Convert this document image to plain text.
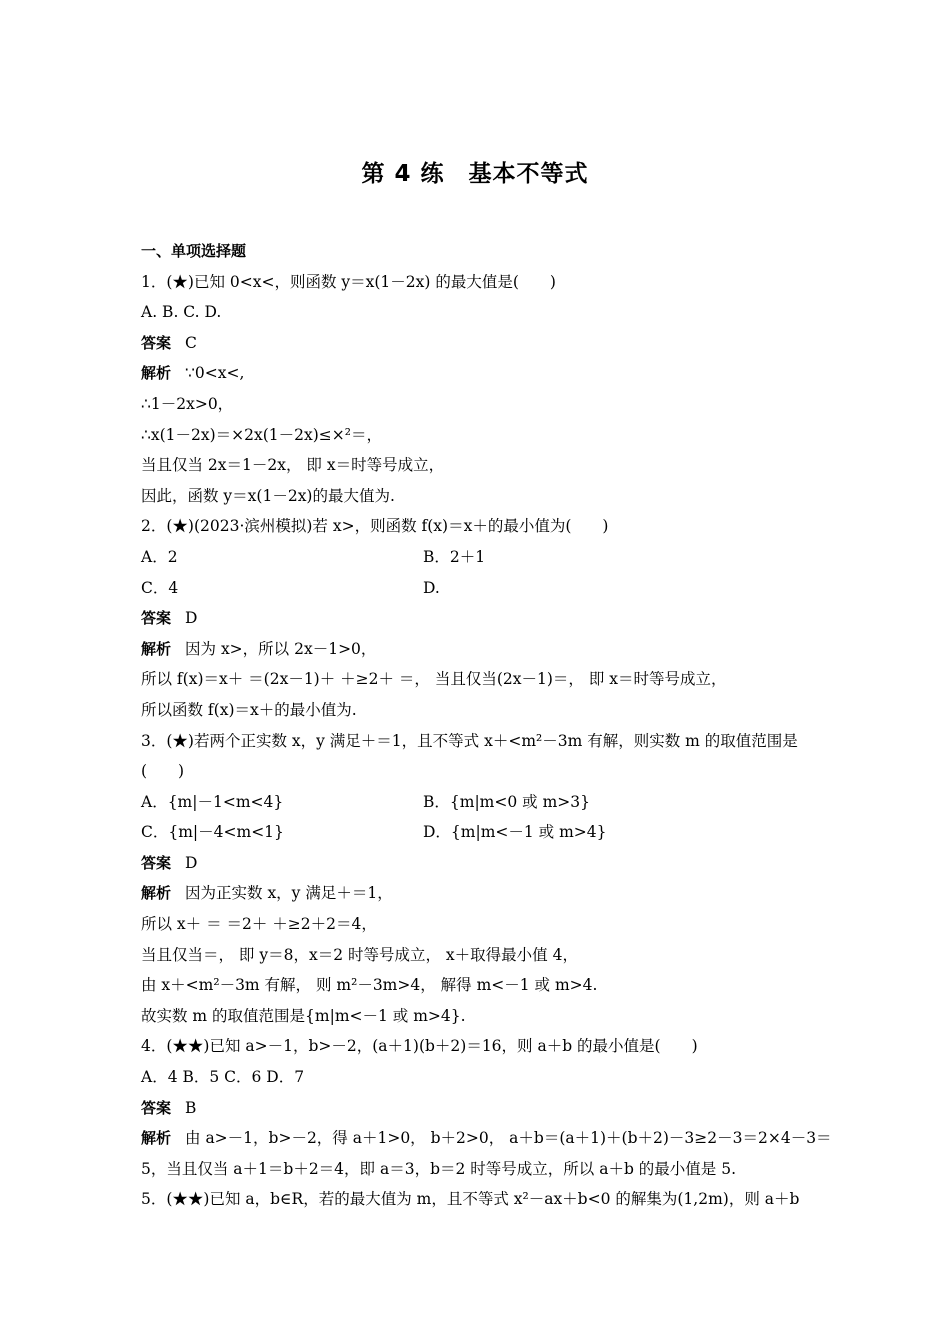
第 4 练　基本不等式
一、单项选择题
1．(★)已知 0<x<，则函数 y＝x(1－2x) 的最大值是(　　)
A. B. C. D.
答案 C
解析 ∵0<x<,
∴1－2x>0，
∴x(1－2x)＝×2x(1－2x)≤×²＝，
当且仅当 2x＝1－2x， 即 x＝时等号成立，
因此，函数 y＝x(1－2x)的最大值为.
2．(★)(2023·滨州模拟)若 x>，则函数 f(x)＝x＋的最小值为(　　)
A．2	B．2＋1
C．4	D.
答案 D
解析 因为 x>，所以 2x－1>0，
所以 f(x)＝x＋ ＝(2x－1)＋ ＋≥2＋ ＝， 当且仅当(2x－1)＝， 即 x＝时等号成立，
所以函数 f(x)＝x＋的最小值为.
3．(★)若两个正实数 x，y 满足＋＝1，且不等式 x＋<m²－3m 有解，则实数 m 的取值范围是
(　　)
A．{m|－1<m<4}	B．{m|m<0 或 m>3}
C．{m|－4<m<1}	D．{m|m<－1 或 m>4}
答案 D
解析 因为正实数 x，y 满足＋＝1，
所以 x＋ ＝ ＝2＋ ＋≥2＋2＝4，
当且仅当＝， 即 y＝8，x＝2 时等号成立， x＋取得最小值 4，
由 x＋<m²－3m 有解， 则 m²－3m>4， 解得 m<－1 或 m>4.
故实数 m 的取值范围是{m|m<－1 或 m>4}.
4．(★★)已知 a>－1，b>－2，(a＋1)(b＋2)＝16，则 a＋b 的最小值是(　　)
A．4 B．5 C．6 D．7
答案 B
解析 由 a>－1，b>－2，得 a＋1>0， b＋2>0， a＋b＝(a＋1)＋(b＋2)－3≥2－3＝2×4－3＝
5，当且仅当 a＋1＝b＋2＝4，即 a＝3，b＝2 时等号成立，所以 a＋b 的最小值是 5.
5．(★★)已知 a，b∈R，若的最大值为 m，且不等式 x²－ax＋b<0 的解集为(1,2m)，则 a＋b
